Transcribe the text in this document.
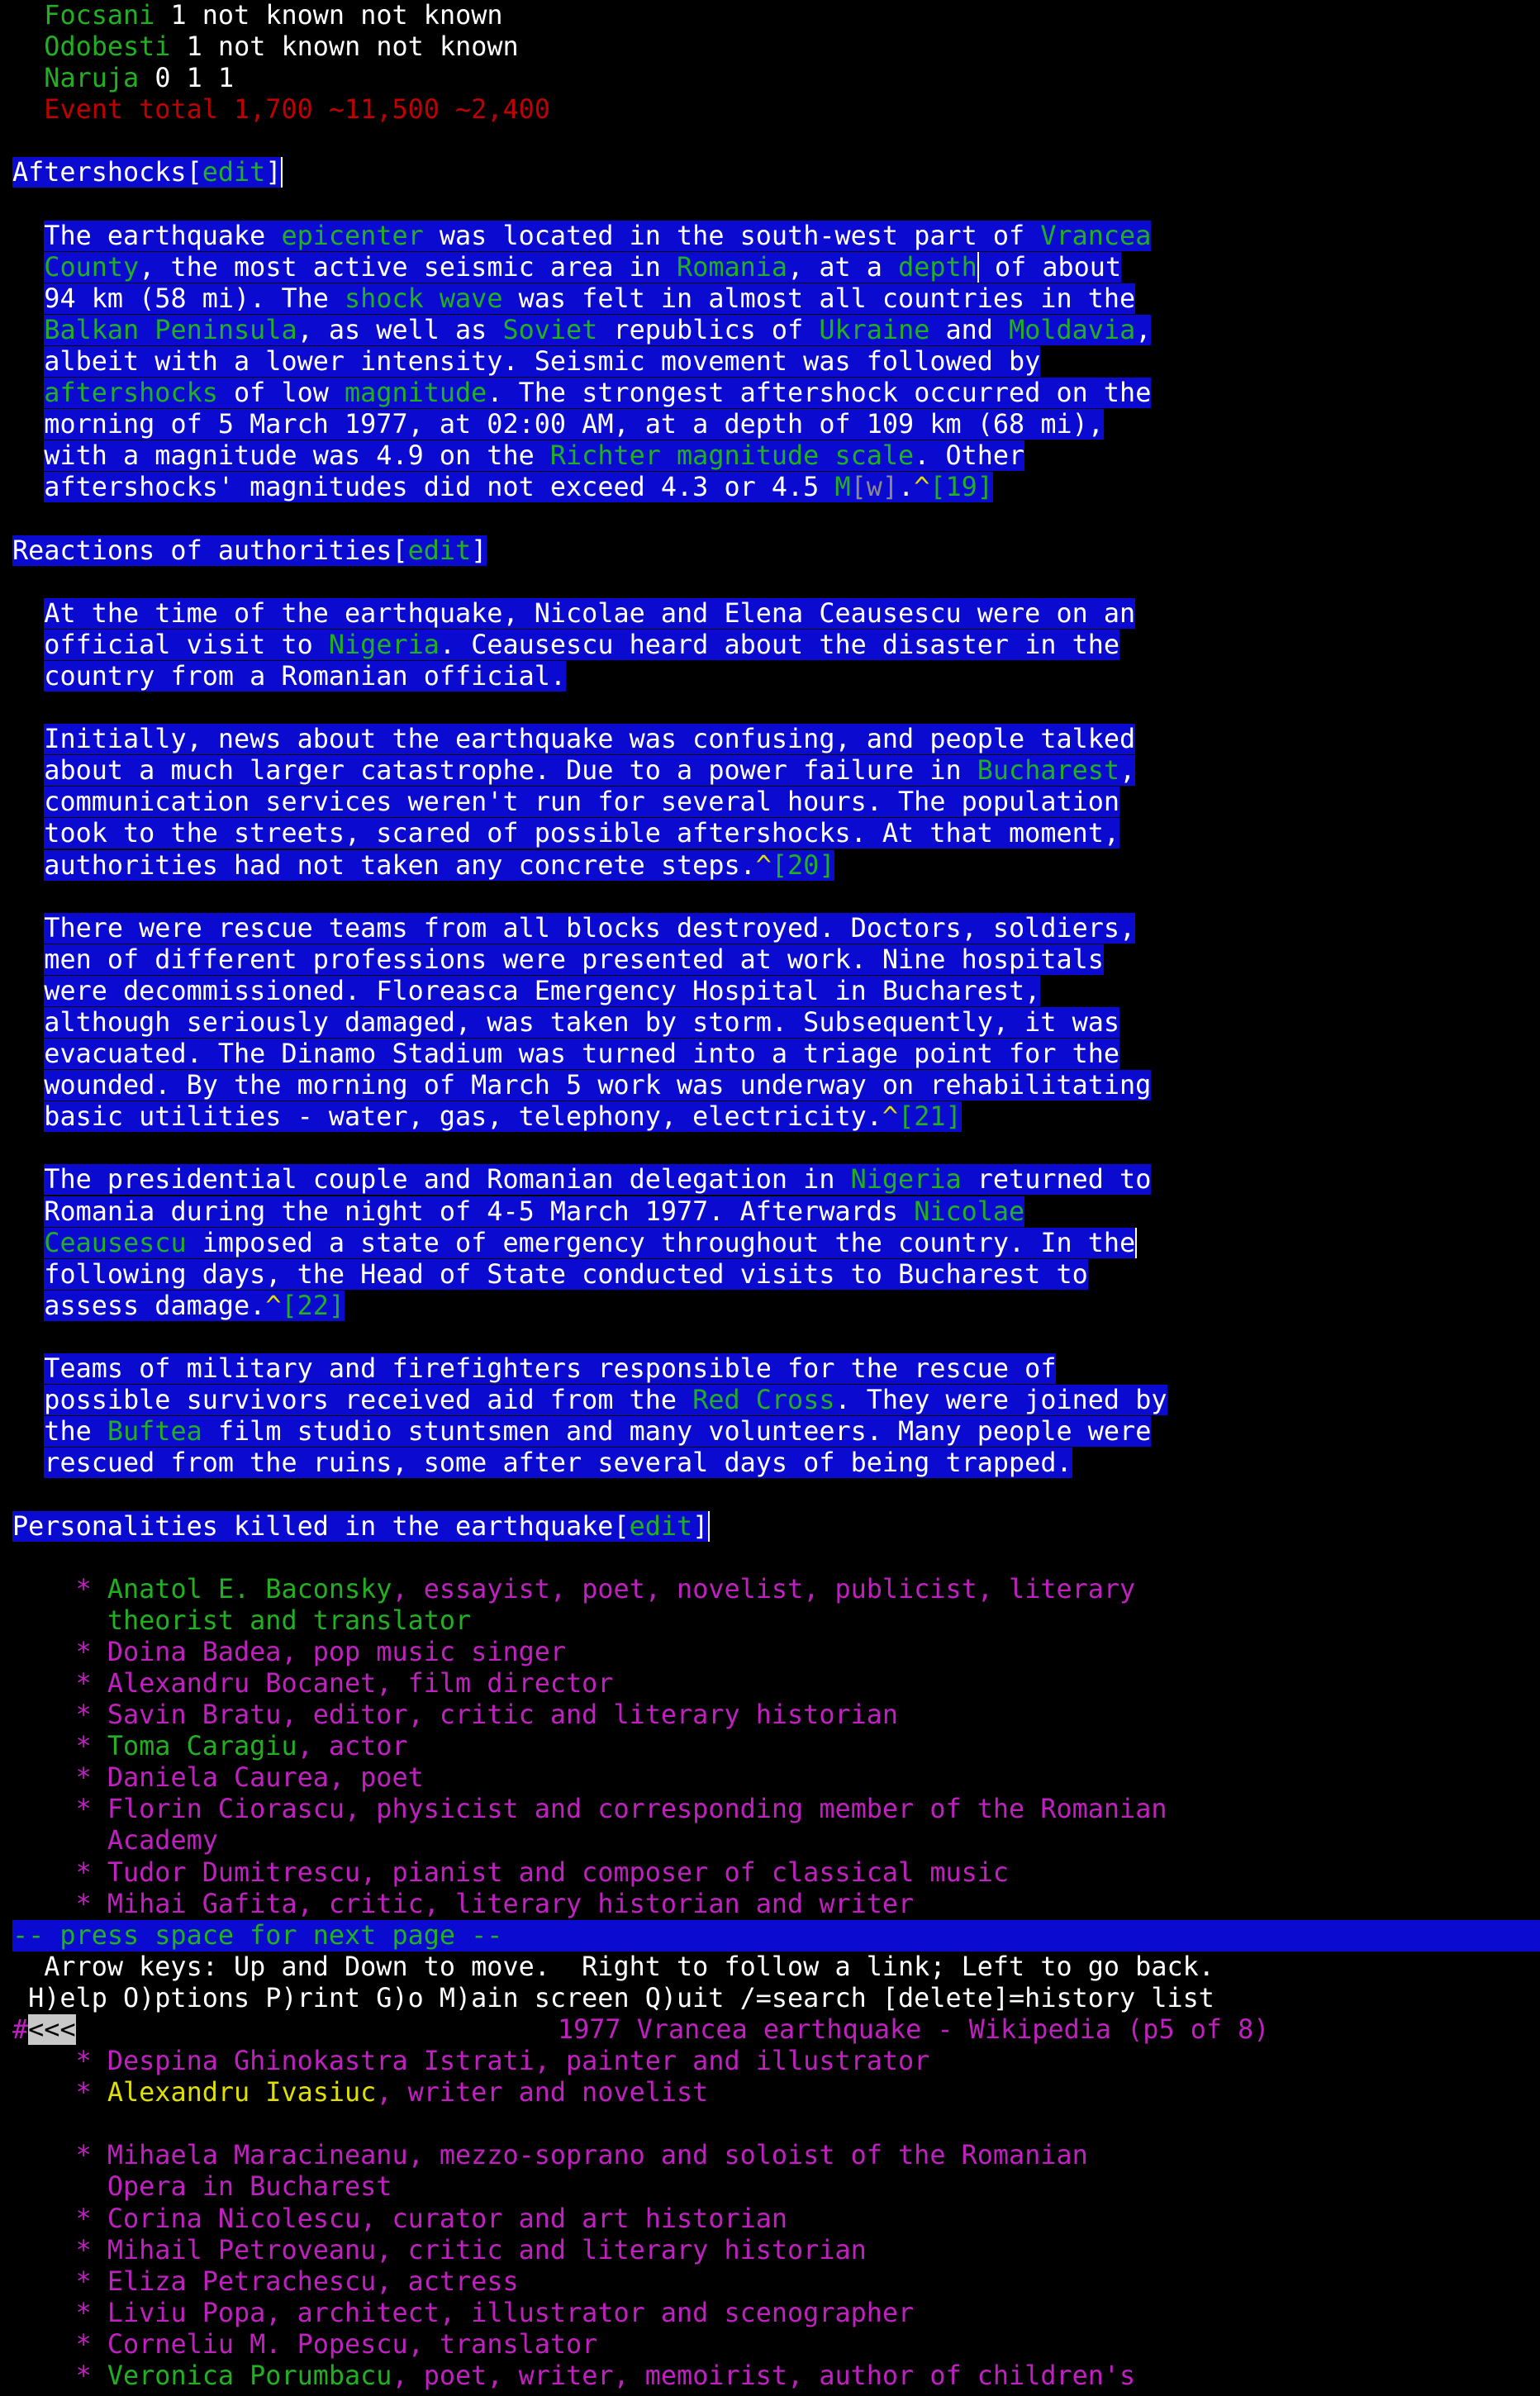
Focsani 1 not known not known
Odobesti 1 not known not known
Naruja 0 1 1
Event total 1,700 ~11,500 ~2,400
Aftershocks[edit]
The earthquake epicenter was located in the south-west part of Vrancea
County, the most active seismic area in Romania, at a depth of about
94 km (58 mi). The shock wave was felt in almost all countries in the
Balkan Peninsula, as well as Soviet republics of Ukraine and Moldavia,
albeit with a lower intensity. Seismic movement was followed by
aftershocks of low magnitude. The strongest aftershock occurred on the
morning of 5 March 1977, at 02:00 AM, at a depth of 109 km (68 mi),
with a magnitude was 4.9 on the Richter magnitude scale. Other
aftershocks' magnitudes did not exceed 4.3 or 4.5 M[w].^[19]
Reactions of authorities[edit]
At the time of the earthquake, Nicolae and Elena Ceausescu were on an
official visit to Nigeria. Ceausescu heard about the disaster in the
country from a Romanian official.
Initially, news about the earthquake was confusing, and people talked
about a much larger catastrophe. Due to a power failure in Bucharest,
communication services weren't run for several hours. The population
took to the streets, scared of possible aftershocks. At that moment,
authorities had not taken any concrete steps.^[20]
There were rescue teams from all blocks destroyed. Doctors, soldiers,
men of different professions were presented at work. Nine hospitals
were decommissioned. Floreasca Emergency Hospital in Bucharest,
although seriously damaged, was taken by storm. Subsequently, it was
evacuated. The Dinamo Stadium was turned into a triage point for the
wounded. By the morning of March 5 work was underway on rehabilitating
basic utilities - water, gas, telephony, electricity.^[21]
The presidential couple and Romanian delegation in Nigeria returned to
Romania during the night of 4-5 March 1977. Afterwards Nicolae
Ceausescu imposed a state of emergency throughout the country. In the
following days, the Head of State conducted visits to Bucharest to
assess damage.^[22]
Teams of military and firefighters responsible for the rescue of
possible survivors received aid from the Red Cross. They were joined by
the Buftea film studio stuntsmen and many volunteers. Many people were
rescued from the ruins, some after several days of being trapped.
Personalities killed in the earthquake[edit]
* Anatol E. Baconsky, essayist, poet, novelist, publicist, literary
theorist and translator
* Doina Badea, pop music singer
* Alexandru Bocanet, film director
* Savin Bratu, editor, critic and literary historian
* Toma Caragiu, actor
* Daniela Caurea, poet
* Florin Ciorascu, physicist and corresponding member of the Romanian
Academy
* Tudor Dumitrescu, pianist and composer of classical music
* Mihai Gafita, critic, literary historian and writer
-- press space for next page --
Arrow keys: Up and Down to move.  Right to follow a link; Left to go back.
H)elp O)ptions P)rint G)o M)ain screen Q)uit /=search [delete]=history list
#<<<	1977 Vrancea earthquake - Wikipedia (p5 of 8)
* Despina Ghinokastra Istrati, painter and illustrator
* Alexandru Ivasiuc, writer and novelist
* Mihaela Maracineanu, mezzo-soprano and soloist of the Romanian
Opera in Bucharest
* Corina Nicolescu, curator and art historian
* Mihail Petroveanu, critic and literary historian
* Eliza Petrachescu, actress
* Liviu Popa, architect, illustrator and scenographer
* Corneliu M. Popescu, translator
* Veronica Porumbacu, poet, writer, memoirist, author of children's
